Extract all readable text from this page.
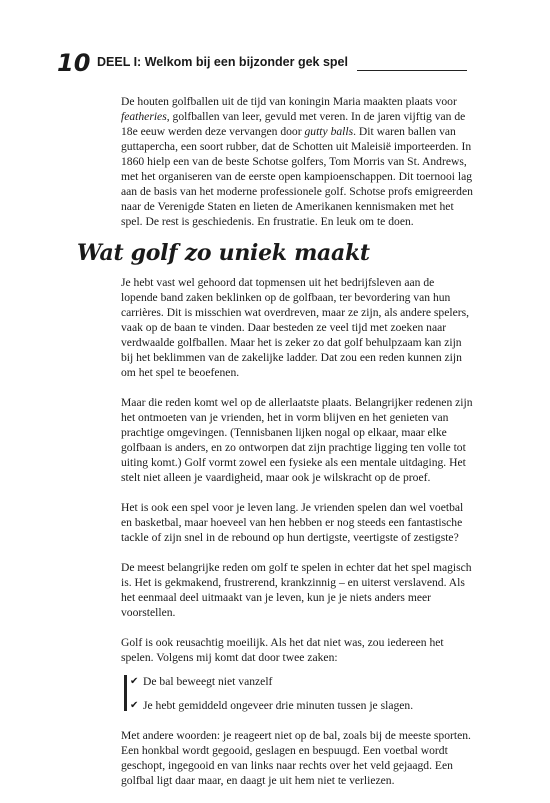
10 DEEL I: Welkom bij een bijzonder gek spel

De houten golfballen uit de tijd van koningin Maria maakten plaats voor featheries, golfballen van leer, gevuld met veren. In de jaren vijftig van de 18e eeuw werden deze vervangen door gutty balls. Dit waren ballen van guttapercha, een soort rubber, dat de Schotten uit Maleisië importeerden. In 1860 hielp een van de beste Schotse golfers, Tom Morris van St. Andrews, met het organiseren van de eerste open kampioenschappen. Dit toernooi lag aan de basis van het moderne professionele golf. Schotse profs emigreerden naar de Verenigde Staten en lieten de Amerikanen kennismaken met het spel. De rest is geschiedenis. En frustratie. En leuk om te doen.

Wat golf zo uniek maakt

Je hebt vast wel gehoord dat topmensen uit het bedrijfsleven aan de lopende band zaken beklinken op de golfbaan, ter bevordering van hun carrières. Dit is misschien wat overdreven, maar ze zijn, als andere spelers, vaak op de baan te vinden. Daar besteden ze veel tijd met zoeken naar verdwaalde golfballen. Maar het is zeker zo dat golf behulpzaam kan zijn bij het beklimmen van de zakelijke ladder. Dat zou een reden kunnen zijn om het spel te beoefenen.

Maar die reden komt wel op de allerlaatste plaats. Belangrijker redenen zijn het ontmoeten van je vrienden, het in vorm blijven en het genieten van prachtige omgevingen. (Tennisbanen lijken nogal op elkaar, maar elke golfbaan is anders, en zo ontworpen dat zijn prachtige ligging ten volle tot uiting komt.) Golf vormt zowel een fysieke als een mentale uitdaging. Het stelt niet alleen je vaardigheid, maar ook je wilskracht op de proef.

Het is ook een spel voor je leven lang. Je vrienden spelen dan wel voetbal en basketbal, maar hoeveel van hen hebben er nog steeds een fantastische tackle of zijn snel in de rebound op hun dertigste, veertigste of zestigste?

De meest belangrijke reden om golf te spelen in echter dat het spel magisch is. Het is gekmakend, frustrerend, krankzinnig – en uiterst verslavend. Als het eenmaal deel uitmaakt van je leven, kun je je niets anders meer voorstellen.

Golf is ook reusachtig moeilijk. Als het dat niet was, zou iedereen het spelen. Volgens mij komt dat door twee zaken:

✔ De bal beweegt niet vanzelf
✔ Je hebt gemiddeld ongeveer drie minuten tussen je slagen.

Met andere woorden: je reageert niet op de bal, zoals bij de meeste sporten. Een honkbal wordt gegooid, geslagen en bespuugd. Een voetbal wordt geschopt, ingegooid en van links naar rechts over het veld gejaagd. Een golfbal ligt daar maar, en daagt je uit hem niet te verliezen.
